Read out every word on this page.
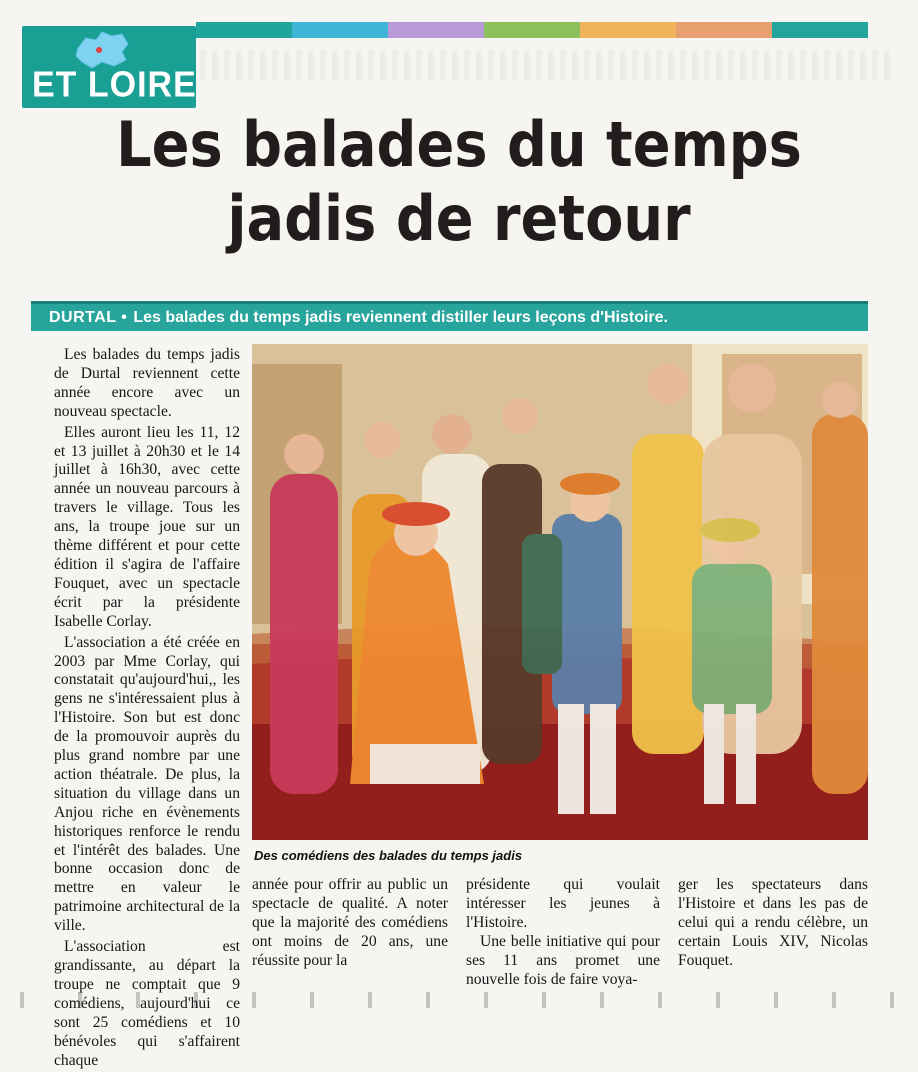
ET LOIRE
Les balades du temps
jadis de retour
DURTAL • Les balades du temps jadis reviennent distiller leurs leçons d'Histoire.

Les balades du temps jadis de Durtal reviennent cette année encore avec un nouveau spectacle.

Elles auront lieu les 11, 12 et 13 juillet à 20h30 et le 14 juillet à 16h30, avec cette année un nouveau parcours à travers le village. Tous les ans, la troupe joue sur un thème différent et pour cette édition il s'agira de l'affaire Fouquet, avec un spectacle écrit par la présidente Isabelle Corlay.

L'association a été créée en 2003 par Mme Corlay, qui constatait qu'aujourd'hui,, les gens ne s'intéressaient plus à l'Histoire. Son but est donc de la promouvoir auprès du plus grand nombre par une action théatrale. De plus, la situation du village dans un Anjou riche en évènements historiques renforce le rendu et l'intérêt des balades. Une bonne occasion donc de mettre en valeur le patrimoine architectural de la ville.

L'association est grandissante, au départ la troupe ne comptait que 9 comédiens, aujourd'hui ce sont 25 comédiens et 10 bénévoles qui s'affairent chaque

Des comédiens des balades du temps jadis

année pour offrir au public un spectacle de qualité. A noter que la majorité des comédiens ont moins de 20 ans, une réussite pour la

présidente qui voulait intéresser les jeunes à l'Histoire.

Une belle initiative qui pour ses 11 ans promet une nouvelle fois de faire voya-

ger les spectateurs dans l'Histoire et dans les pas de celui qui a rendu célèbre, un certain Louis XIV, Nicolas Fouquet.
